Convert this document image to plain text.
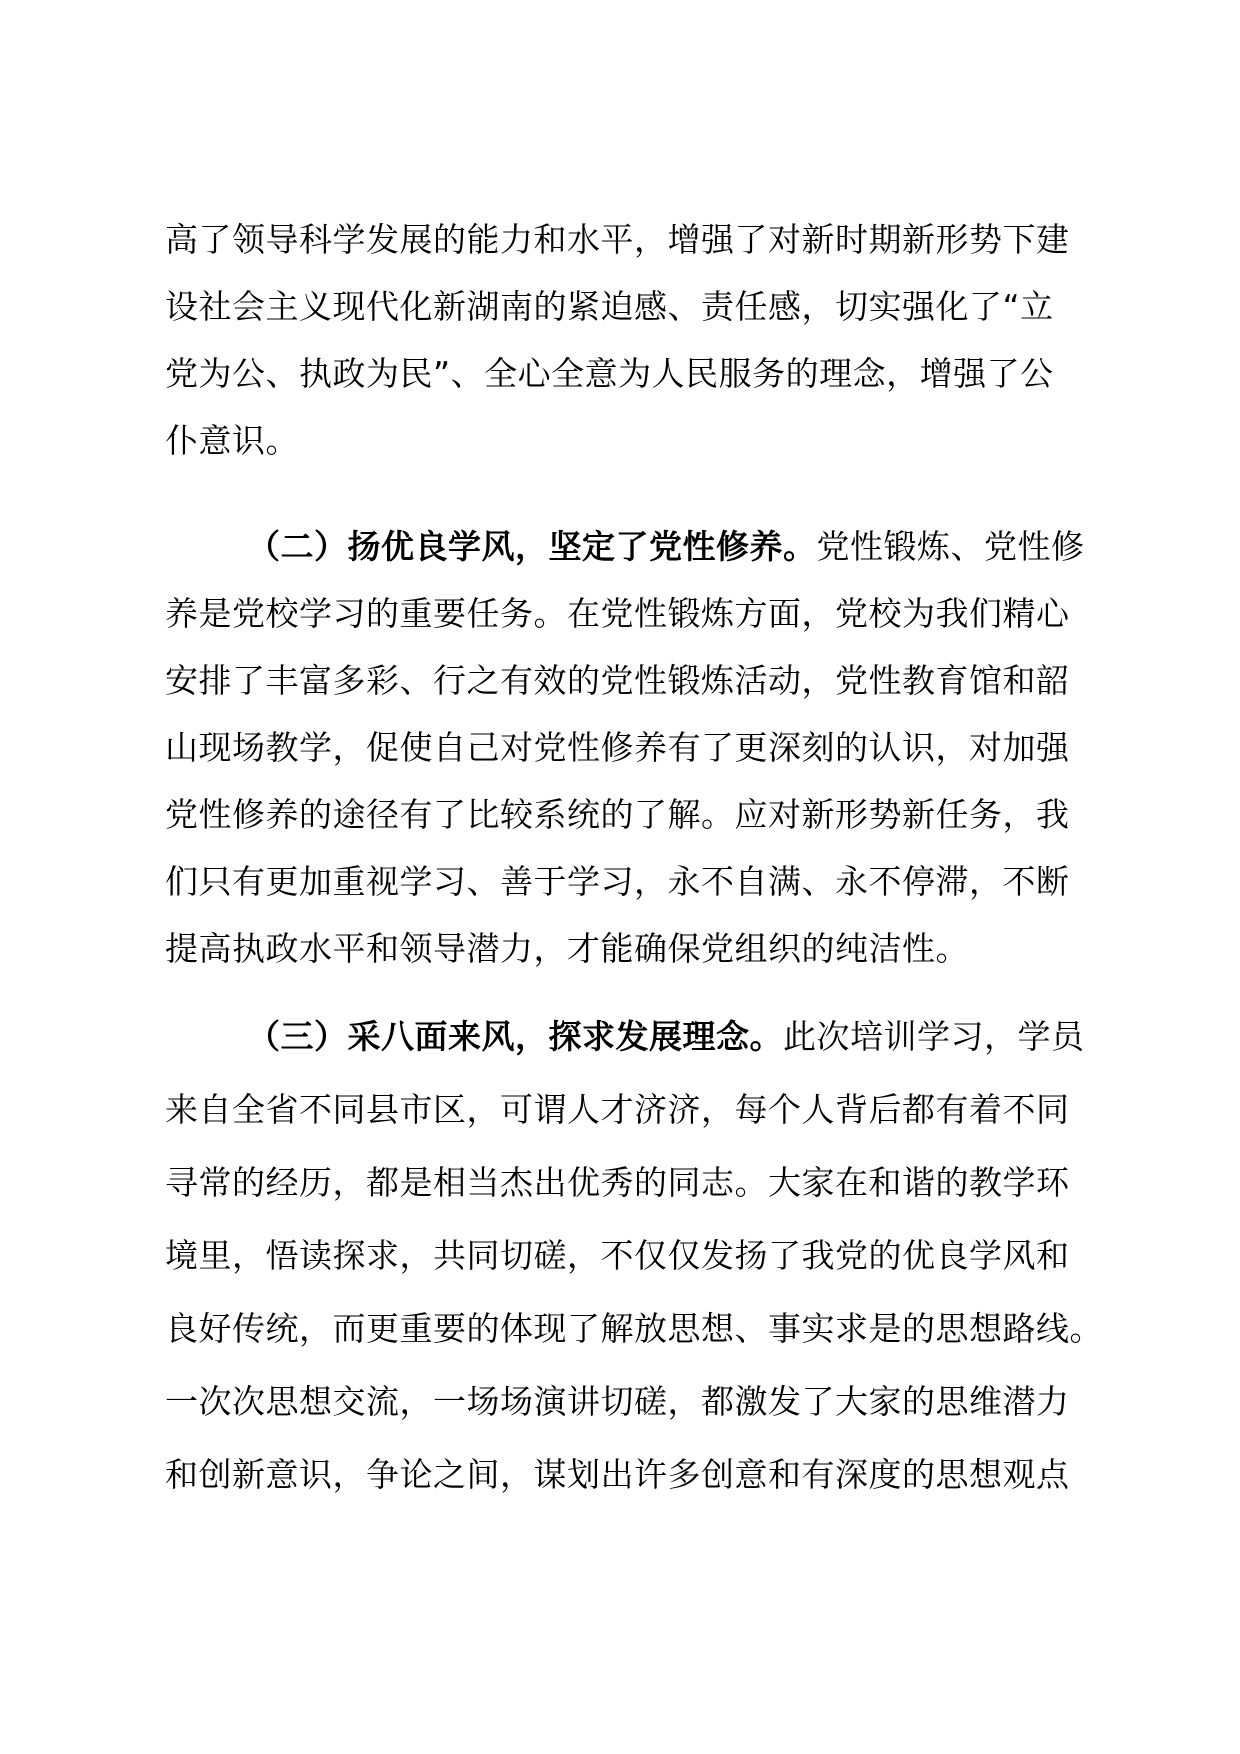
高了领导科学发展的能力和水平，增强了对新时期新形势下建

设社会主义现代化新湖南的紧迫感、责任感，切实强化了“立

党为公、执政为民”、全心全意为人民服务的理念，增强了公

仆意识。

（二）扬优良学风，坚定了党性修养。党性锻炼、党性修

养是党校学习的重要任务。在党性锻炼方面，党校为我们精心

安排了丰富多彩、行之有效的党性锻炼活动，党性教育馆和韶

山现场教学，促使自己对党性修养有了更深刻的认识，对加强

党性修养的途径有了比较系统的了解。应对新形势新任务，我

们只有更加重视学习、善于学习，永不自满、永不停滞，不断

提高执政水平和领导潜力，才能确保党组织的纯洁性。

（三）采八面来风，探求发展理念。此次培训学习，学员

来自全省不同县市区，可谓人才济济，每个人背后都有着不同

寻常的经历，都是相当杰出优秀的同志。大家在和谐的教学环

境里，悟读探求，共同切磋，不仅仅发扬了我党的优良学风和

良好传统，而更重要的体现了解放思想、事实求是的思想路线。

一次次思想交流，一场场演讲切磋，都激发了大家的思维潜力

和创新意识，争论之间，谋划出许多创意和有深度的思想观点
